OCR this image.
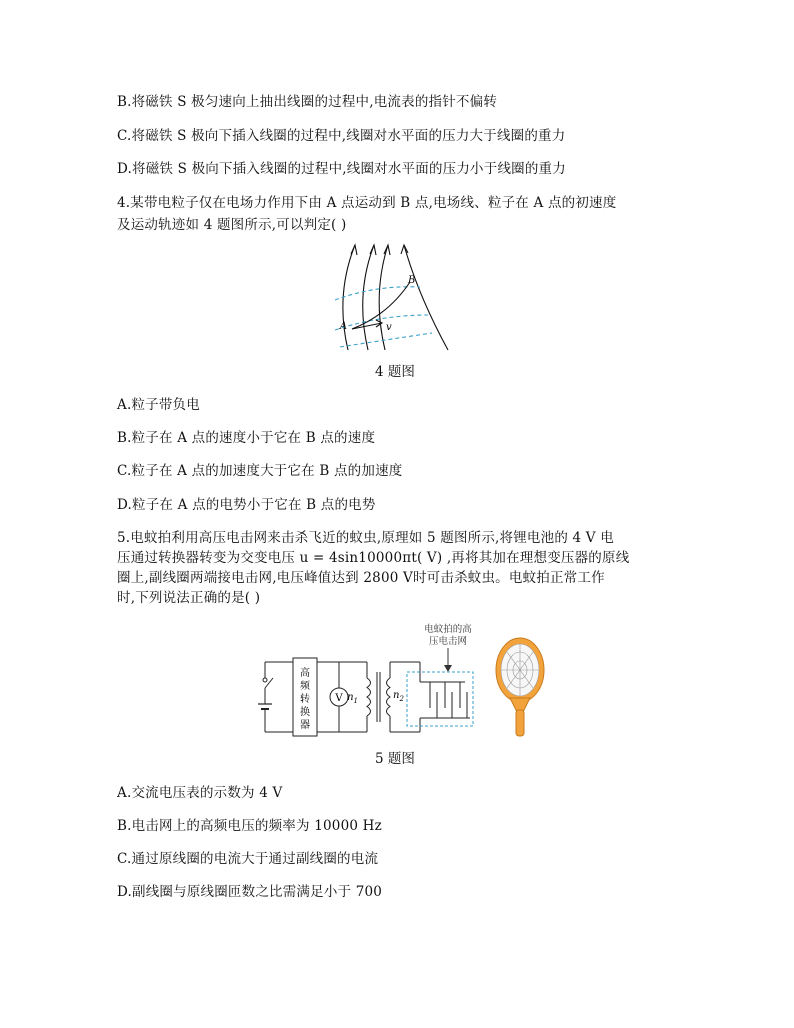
B.将磁铁 S 极匀速向上抽出线圈的过程中,电流表的指针不偏转
C.将磁铁 S 极向下插入线圈的过程中,线圈对水平面的压力大于线圈的重力
D.将磁铁 S 极向下插入线圈的过程中,线圈对水平面的压力小于线圈的重力
4.某带电粒子仅在电场力作用下由 A 点运动到 B 点,电场线、粒子在 A 点的初速度
及运动轨迹如 4 题图所示,可以判定( )
A	v
B
4 题图
A.粒子带负电
B.粒子在 A 点的速度小于它在 B 点的速度
C.粒子在 A 点的加速度大于它在 B 点的加速度
D.粒子在 A 点的电势小于它在 B 点的电势
5.电蚊拍利用高压电击网来击杀飞近的蚊虫,原理如 5 题图所示,将锂电池的 4 V 电
压通过转换器转变为交变电压 u = 4sin10000πt( V) ,再将其加在理想变压器的原线
圈上,副线圈两端接电击网,电压峰值达到 2800 V时可击杀蚊虫。电蚊拍正常工作
时,下列说法正确的是( )
电蚊拍的高
压电击网
高
频
转
换
器
V $n_1$	$n_2$
5 题图
A.交流电压表的示数为 4 V
B.电击网上的高频电压的频率为 10000 Hz
C.通过原线圈的电流大于通过副线圈的电流
D.副线圈与原线圈匝数之比需满足小于 700
